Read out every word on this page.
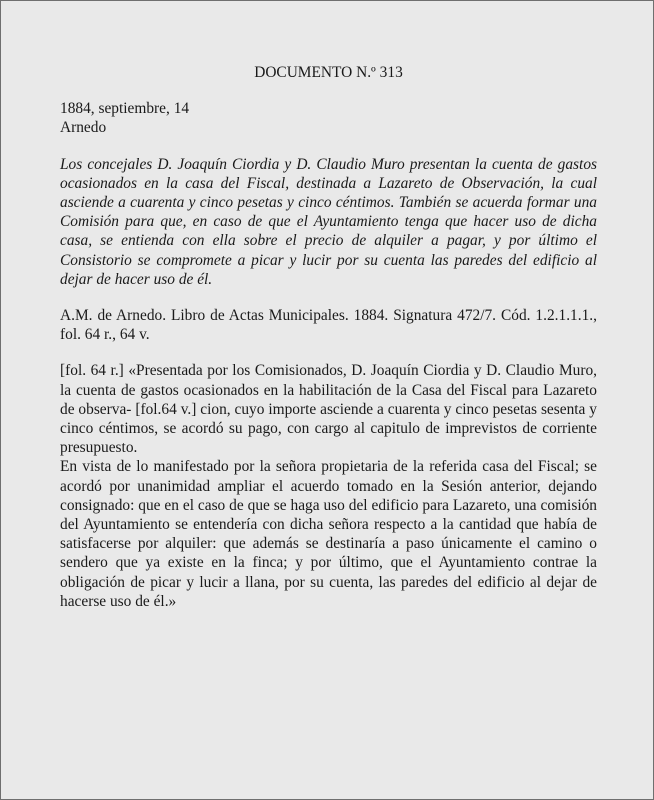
DOCUMENTO N.º 313

1884, septiembre, 14

Arnedo

Los concejales D. Joaquín Ciordia y D. Claudio Muro presentan la cuenta de gastos ocasionados en la casa del Fiscal, destinada a Lazareto de Observación, la cual asciende a cuarenta y cinco pesetas y cinco céntimos. También se acuerda formar una Comisión para que, en caso de que el Ayuntamiento tenga que hacer uso de dicha casa, se entienda con ella sobre el precio de alquiler a pagar, y por último el Consistorio se compromete a picar y lucir por su cuenta las paredes del edificio al dejar de hacer uso de él.

A.M. de Arnedo. Libro de Actas Municipales. 1884. Signatura 472/7. Cód. 1.2.1.1.1., fol. 64 r., 64 v.

[fol. 64 r.] «Presentada por los Comisionados, D. Joaquín Ciordia y D. Claudio Muro, la cuenta de gastos ocasionados en la habilitación de la Casa del Fiscal para Lazareto de observa- [fol.64 v.] cion, cuyo importe asciende a cuarenta y cinco pesetas sesenta y cinco céntimos, se acordó su pago, con cargo al capitulo de imprevistos de corriente presupuesto.

En vista de lo manifestado por la señora propietaria de la referida casa del Fiscal; se acordó por unanimidad ampliar el acuerdo tomado en la Sesión anterior, dejando consignado: que en el caso de que se haga uso del edificio para Lazareto, una comisión del Ayuntamiento se entendería con dicha señora respecto a la cantidad que había de satisfacerse por alquiler: que además se destinaría a paso únicamente el camino o sendero que ya existe en la finca; y por último, que el Ayuntamiento contrae la obligación de picar y lucir a llana, por su cuenta, las paredes del edificio al dejar de hacerse uso de él.»
